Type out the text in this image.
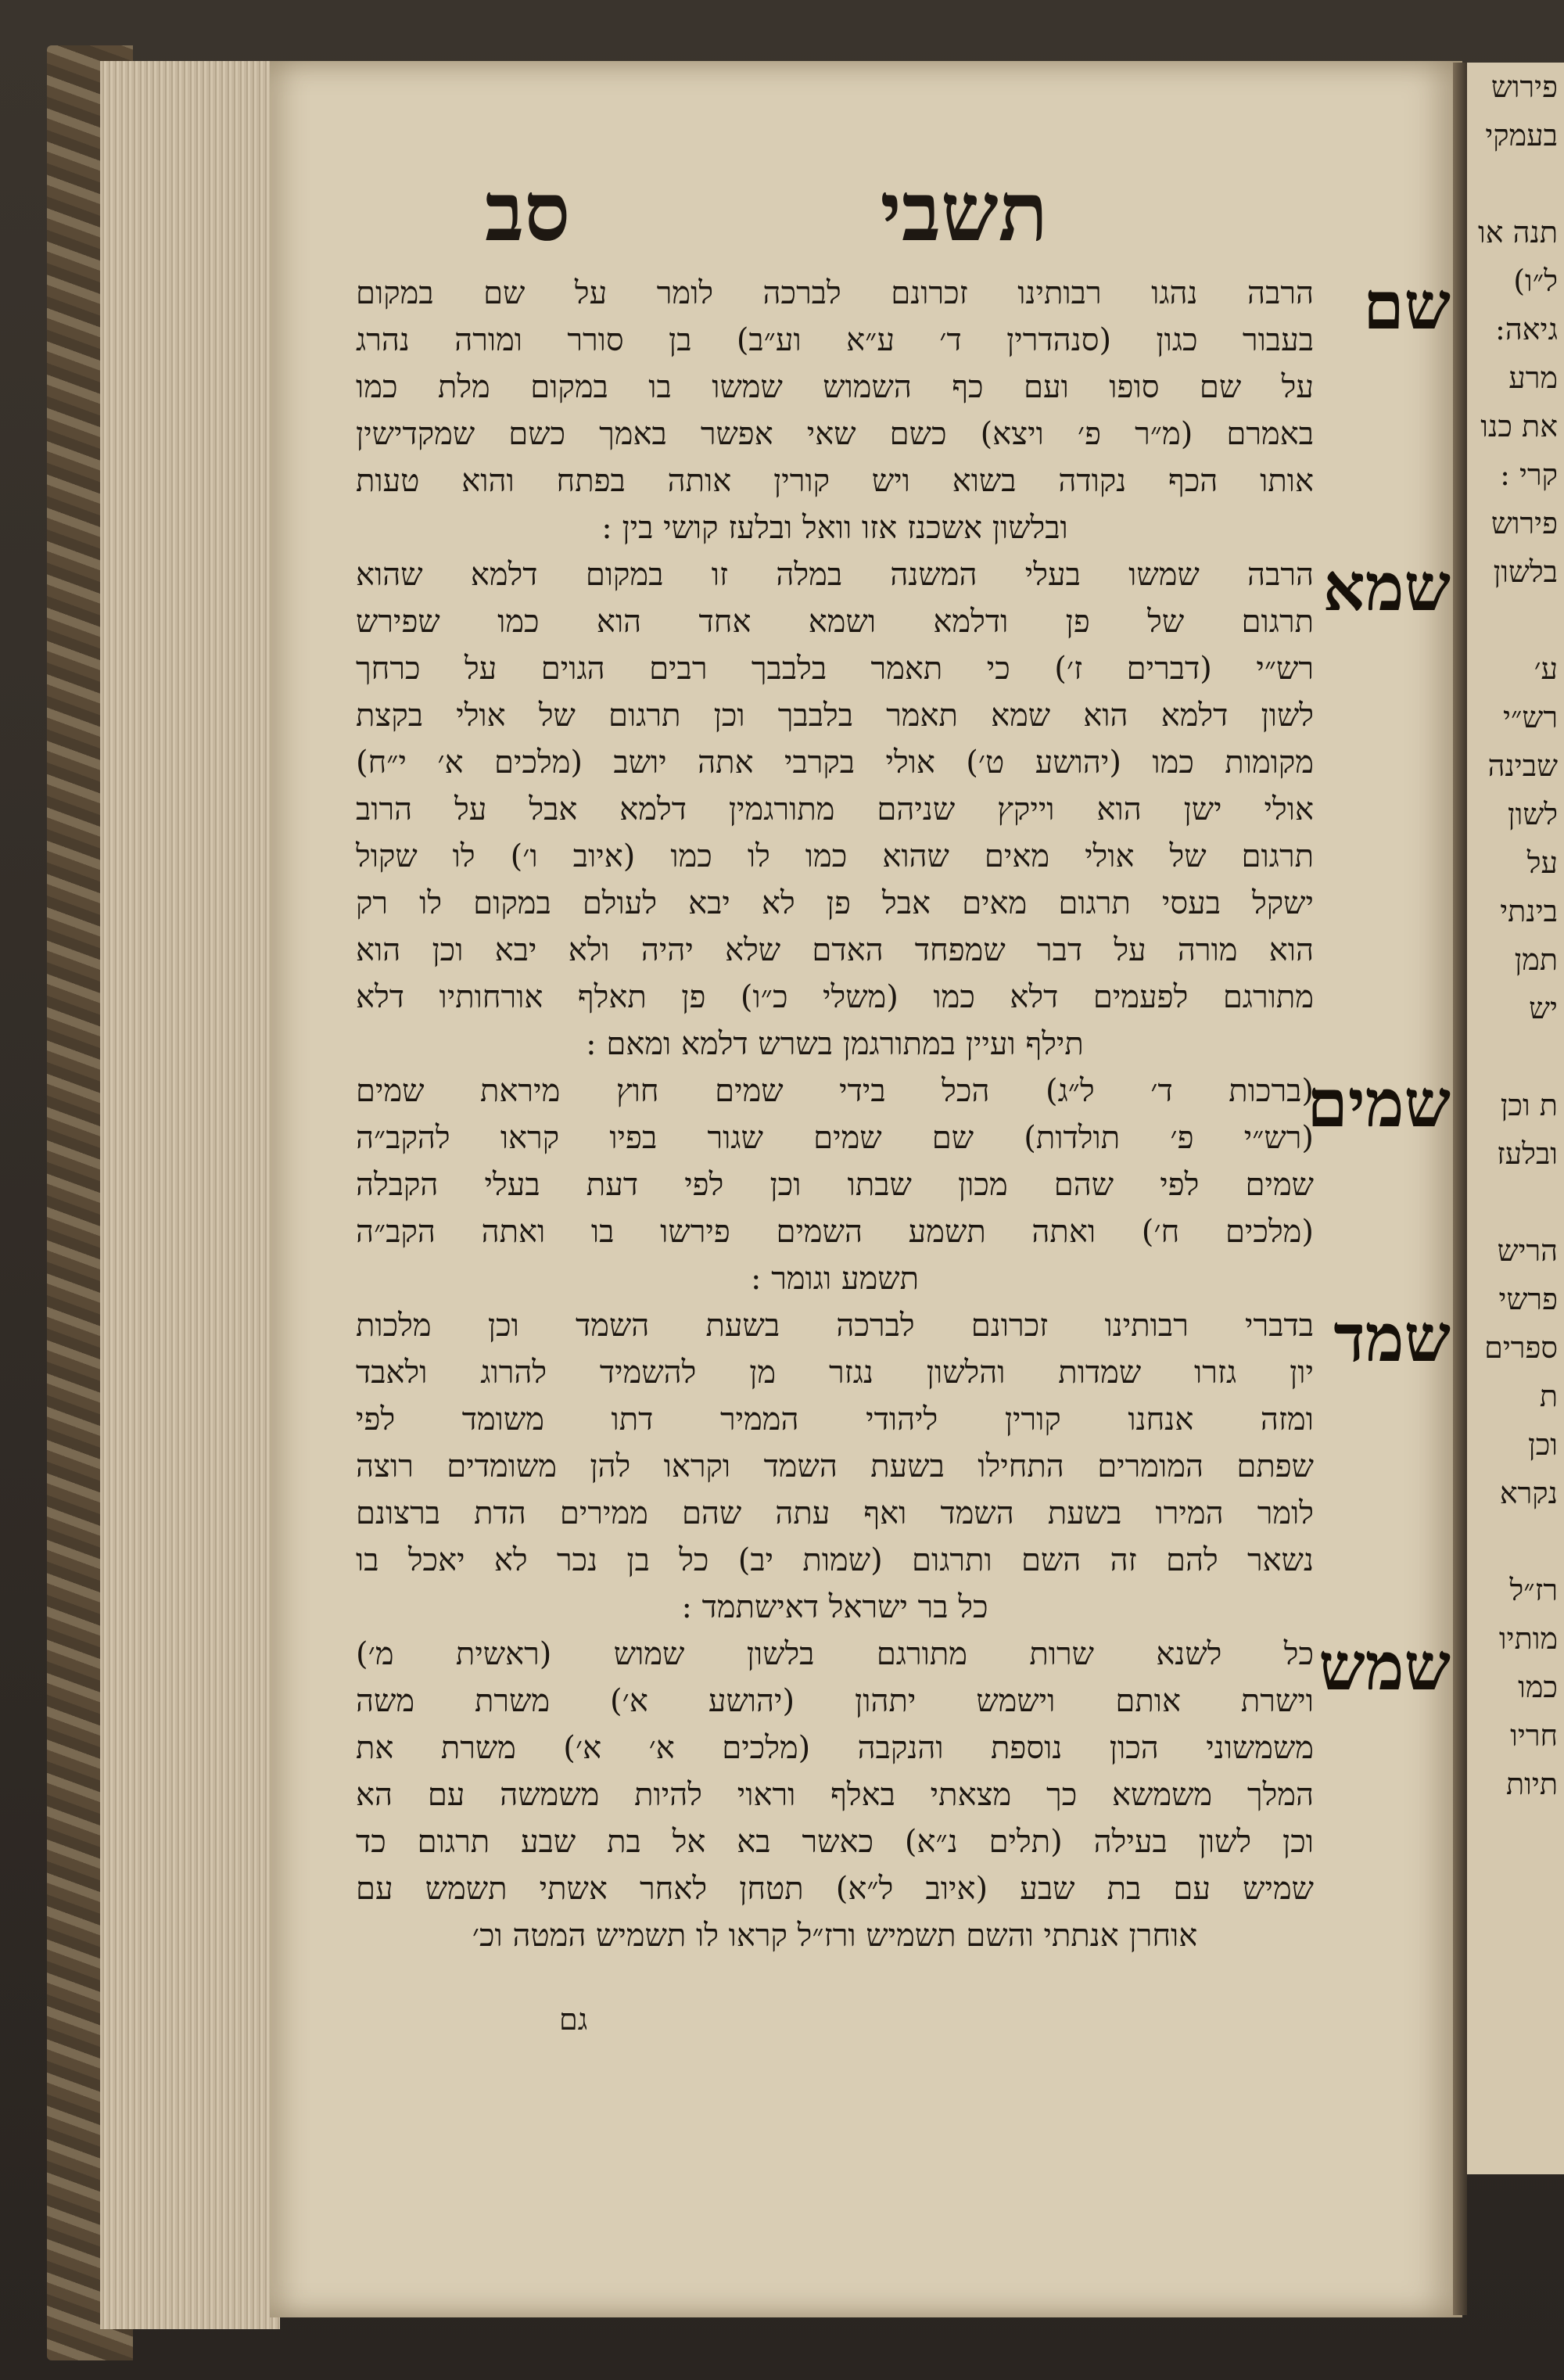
פירוש
בעמקי
תנה או
ל״ו)
גיאה:
מרע
את כנו
קרי :
פירוש
בלשון
ע׳
רש״י
שבינה
לשון
על
בינתי
תמן
יש
ת וכן
ובלעז
הריש
פרשי
ספרים
ת
וכן
נקרא
רז״ל
מותיו
כמו
חריו
תיות
תשבי
סב
שם
הרבה נהגו רבותינו זכרונם לברכה לומר על שם במקום
בעבור כגון (סנהדרין ד׳ ע״א וע״ב) בן סורר ומורה נהרג
על שם סופו ועם כף השמוש שמשו בו במקום מלת כמו
באמרם (מ״ר פ׳ ויצא) כשם שאי אפשר באמך כשם שמקדישין
אותו הכף נקודה בשוא ויש קורין אותה בפתח והוא טעות
ובלשון אשכנז אזו וואל ובלעז קושי בין :
שמא
הרבה שמשו בעלי המשנה במלה זו במקום דלמא שהוא
תרגום של פן ודלמא ושמא אחד הוא כמו שפירש
רש״י (דברים ז׳) כי תאמר בלבבך רבים הגוים על כרחך
לשון דלמא הוא שמא תאמר בלבבך וכן תרגום של אולי בקצת
מקומות כמו (יהושע ט׳) אולי בקרבי אתה יושב (מלכים א׳ י״ח)
אולי ישן הוא וייקץ שניהם מתורגמין דלמא אבל על הרוב
תרגום של אולי מאים שהוא כמו לו כמו (איוב ו׳) לו שקול
ישקל בעסי תרגום מאים אבל פן לא יבא לעולם במקום לו רק
הוא מורה על דבר שמפחד האדם שלא יהיה ולא יבא וכן הוא
מתורגם לפעמים דלא כמו (משלי כ״ו) פן תאלף אורחותיו דלא
תילף ועיין במתורגמן בשרש דלמא ומאם :
שמים
(ברכות ד׳ ל״ג) הכל בידי שמים חוץ מיראת שמים
(רש״י פ׳ תולדות) שם שמים שגור בפיו קראו להקב״ה
שמים לפי שהם מכון שבתו וכן לפי דעת בעלי הקבלה
(מלכים ח׳) ואתה תשמע השמים פירשו בו ואתה הקב״ה
תשמע וגומר :
שמד
בדברי רבותינו זכרונם לברכה בשעת השמד וכן מלכות
יון גזרו שמדות והלשון נגזר מן להשמיד להרוג ולאבד
ומזה אנחנו קורין ליהודי הממיר דתו משומד לפי
שפתם המומרים התחילו בשעת השמד וקראו להן משומדים רוצה
לומר המירו בשעת השמד ואף עתה שהם ממירים הדת ברצונם
נשאר להם זה השם ותרגום (שמות יב) כל בן נכר לא יאכל בו
כל בר ישראל דאישתמד :
שמש
כל לשנא שרות מתורגם בלשון שמוש (ראשית מ׳)
וישרת אותם וישמש יתהון (יהושע א׳) משרת משה
משמשוני הכון נוספת והנקבה (מלכים א׳ א׳) משרת את
המלך משמשא כך מצאתי באלף וראוי להיות משמשה עם הא
וכן לשון בעילה (תלים נ״א) כאשר בא אל בת שבע תרגום כד
שמיש עם בת שבע (איוב ל״א) תטחן לאחר אשתי תשמש עם
אוחרן אנתתי והשם תשמיש ורז״ל קראו לו תשמיש המטה וכ׳
גם
